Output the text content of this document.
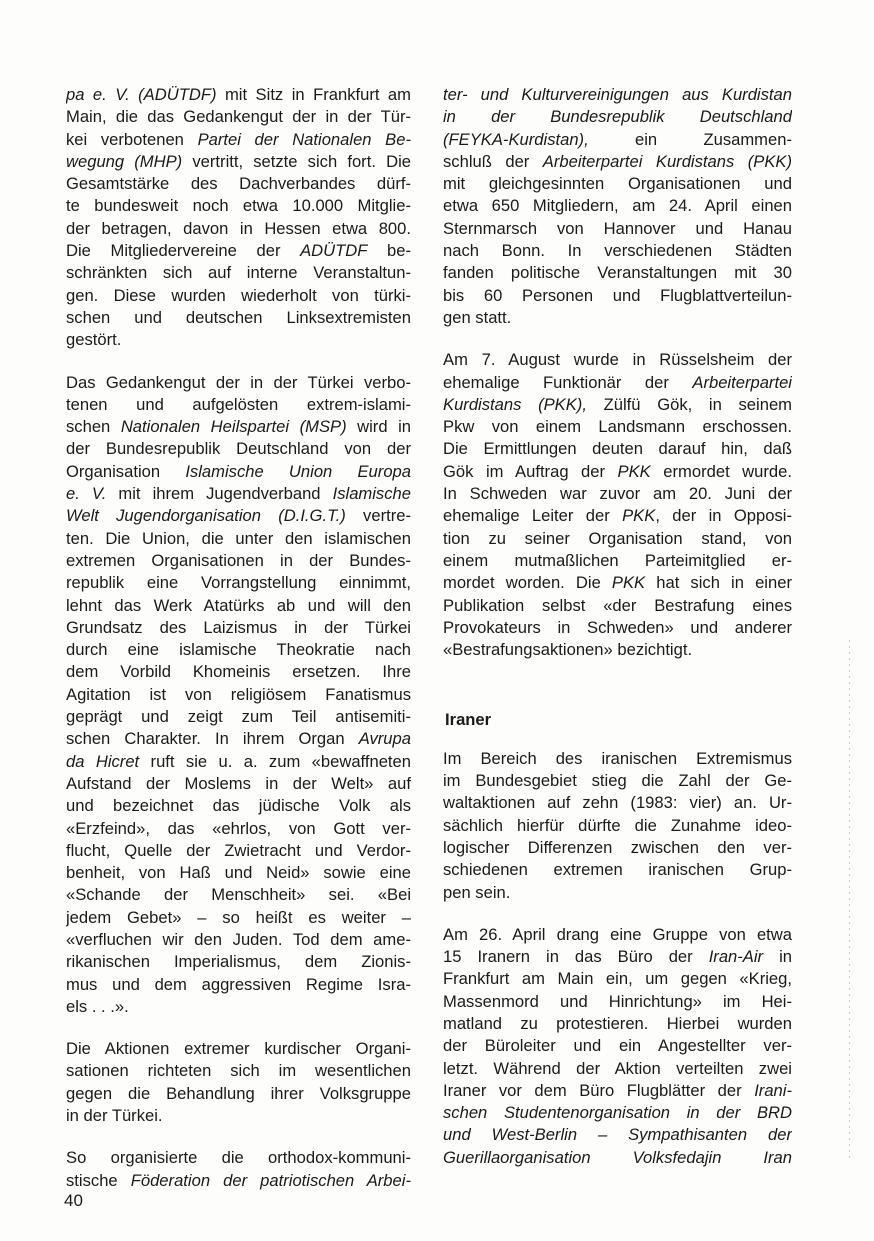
pa e. V. (ADÜTDF) mit Sitz in Frankfurt am
Main, die das Gedankengut der in der Tür-
kei verbotenen Partei der Nationalen Be-
wegung (MHP) vertritt, setzte sich fort. Die
Gesamtstärke des Dachverbandes dürf-
te bundesweit noch etwa 10.000 Mitglie-
der betragen, davon in Hessen etwa 800.
Die Mitgliedervereine der ADÜTDF be-
schränkten sich auf interne Veranstaltun-
gen. Diese wurden wiederholt von türki-
schen und deutschen Linksextremisten
gestört.
Das Gedankengut der in der Türkei verbo-
tenen und aufgelösten extrem-islami-
schen Nationalen Heilspartei (MSP) wird in
der Bundesrepublik Deutschland von der
Organisation Islamische Union Europa
e. V. mit ihrem Jugendverband Islamische
Welt Jugendorganisation (D.I.G.T.) vertre-
ten. Die Union, die unter den islamischen
extremen Organisationen in der Bundes-
republik eine Vorrangstellung einnimmt,
lehnt das Werk Atatürks ab und will den
Grundsatz des Laizismus in der Türkei
durch eine islamische Theokratie nach
dem Vorbild Khomeinis ersetzen. Ihre
Agitation ist von religiösem Fanatismus
geprägt und zeigt zum Teil antisemiti-
schen Charakter. In ihrem Organ Avrupa
da Hicret ruft sie u. a. zum «bewaffneten
Aufstand der Moslems in der Welt» auf
und bezeichnet das jüdische Volk als
«Erzfeind», das «ehrlos, von Gott ver-
flucht, Quelle der Zwietracht und Verdor-
benheit, von Haß und Neid» sowie eine
«Schande der Menschheit» sei. «Bei
jedem Gebet» – so heißt es weiter –
«verfluchen wir den Juden. Tod dem ame-
rikanischen Imperialismus, dem Zionis-
mus und dem aggressiven Regime Isra-
els . . .».
Die Aktionen extremer kurdischer Organi-
sationen richteten sich im wesentlichen
gegen die Behandlung ihrer Volksgruppe
in der Türkei.
So organisierte die orthodox-kommuni-
stische Föderation der patriotischen Arbei-
ter- und Kulturvereinigungen aus Kurdistan
in der Bundesrepublik Deutschland
(FEYKA-Kurdistan), ein Zusammen-
schluß der Arbeiterpartei Kurdistans (PKK)
mit gleichgesinnten Organisationen und
etwa 650 Mitgliedern, am 24. April einen
Sternmarsch von Hannover und Hanau
nach Bonn. In verschiedenen Städten
fanden politische Veranstaltungen mit 30
bis 60 Personen und Flugblattverteilun-
gen statt.
Am 7. August wurde in Rüsselsheim der
ehemalige Funktionär der Arbeiterpartei
Kurdistans (PKK), Zülfü Gök, in seinem
Pkw von einem Landsmann erschossen.
Die Ermittlungen deuten darauf hin, daß
Gök im Auftrag der PKK ermordet wurde.
In Schweden war zuvor am 20. Juni der
ehemalige Leiter der PKK, der in Opposi-
tion zu seiner Organisation stand, von
einem mutmaßlichen Parteimitglied er-
mordet worden. Die PKK hat sich in einer
Publikation selbst «der Bestrafung eines
Provokateurs in Schweden» und anderer
«Bestrafungsaktionen» bezichtigt.
Iraner
Im Bereich des iranischen Extremismus
im Bundesgebiet stieg die Zahl der Ge-
waltaktionen auf zehn (1983: vier) an. Ur-
sächlich hierfür dürfte die Zunahme ideo-
logischer Differenzen zwischen den ver-
schiedenen extremen iranischen Grup-
pen sein.
Am 26. April drang eine Gruppe von etwa
15 Iranern in das Büro der Iran-Air in
Frankfurt am Main ein, um gegen «Krieg,
Massenmord und Hinrichtung» im Hei-
matland zu protestieren. Hierbei wurden
der Büroleiter und ein Angestellter ver-
letzt. Während der Aktion verteilten zwei
Iraner vor dem Büro Flugblätter der Irani-
schen Studentenorganisation in der BRD
und West-Berlin – Sympathisanten der
Guerillaorganisation Volksfedajin Iran
40
